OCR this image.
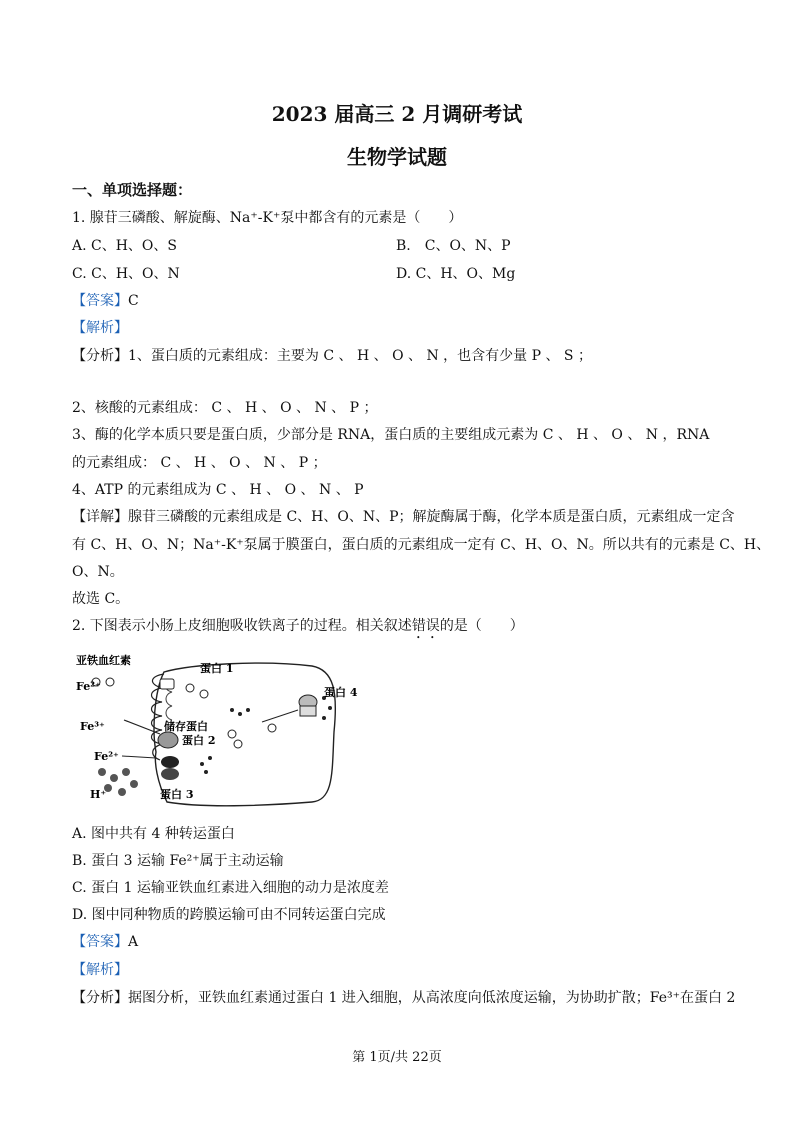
2023 届高三 2 月调研考试
生物学试题
一、单项选择题：
1. 腺苷三磷酸、解旋酶、Na⁺-K⁺泵中都含有的元素是（　　）
A. C、H、O、S	B.　C、O、N、P
C. C、H、O、N	D. C、H、O、Mg
【答案】C
【解析】
【分析】1、蛋白质的元素组成：主要为 C 、 H 、 O 、 N ，也含有少量 P 、 S ；
2、核酸的元素组成： C 、 H 、 O 、 N 、 P ；
3、酶的化学本质只要是蛋白质，少部分是 RNA，蛋白质的主要组成元素为 C 、 H 、 O 、 N ，RNA
的元素组成： C 、 H 、 O 、 N 、 P ；
4、ATP 的元素组成为 C 、 H 、 O 、 N 、 P
【详解】腺苷三磷酸的元素组成是 C、H、O、N、P；解旋酶属于酶，化学本质是蛋白质，元素组成一定含
有 C、H、O、N；Na⁺-K⁺泵属于膜蛋白，蛋白质的元素组成一定有 C、H、O、N。所以共有的元素是 C、H、
O、N。
故选 C。
2. 下图表示小肠上皮细胞吸收铁离子的过程。相关叙述错误的是（　　）
亚铁血红素
Fe²⁺
Fe³⁺
Fe²⁺
H⁺
蛋白 1
蛋白 2
储存蛋白
蛋白 3
蛋白 4
A. 图中共有 4 种转运蛋白
B. 蛋白 3 运输 Fe²⁺属于主动运输
C. 蛋白 1 运输亚铁血红素进入细胞的动力是浓度差
D. 图中同种物质的跨膜运输可由不同转运蛋白完成
【答案】A
【解析】
【分析】据图分析，亚铁血红素通过蛋白 1 进入细胞，从高浓度向低浓度运输，为协助扩散；Fe³⁺在蛋白 2
第 1页/共 22页
